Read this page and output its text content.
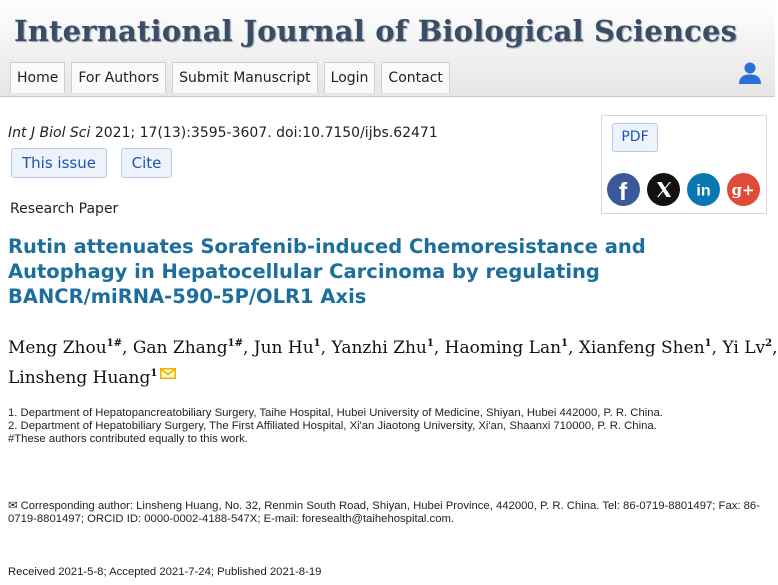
International Journal of Biological Sciences
Home	For Authors	Submit Manuscript	Login	Contact
Int J Biol Sci 2021; 17(13):3595-3607. doi:10.7150/ijbs.62471
This issue	Cite
PDF
f	in g+
Research Paper
Rutin attenuates Sorafenib-induced Chemoresistance and Autophagy in Hepatocellular Carcinoma by regulating BANCR/miRNA-590-5P/OLR1 Axis
Meng Zhou$^{1\#}$, Gan Zhang$^{1\#}$, Jun Hu$^1$, Yanzhi Zhu$^1$, Haoming Lan$^1$, Xianfeng Shen$^1$, Yi Lv$^2$, Linsheng Huang$^1$
1. Department of Hepatopancreatobiliary Surgery, Taihe Hospital, Hubei University of Medicine, Shiyan, Hubei 442000, P. R. China.
2. Department of Hepatobiliary Surgery, The First Affiliated Hospital, Xi'an Jiaotong University, Xi'an, Shaanxi 710000, P. R. China.
#These authors contributed equally to this work.
✉ Corresponding author: Linsheng Huang, No. 32, Renmin South Road, Shiyan, Hubei Province, 442000, P. R. China. Tel: 86-0719-8801497; Fax: 86-0719-8801497; ORCID ID: 0000-0002-4188-547X; E-mail: foresealth@taihehospital.com.
Received 2021-5-8; Accepted 2021-7-24; Published 2021-8-19
